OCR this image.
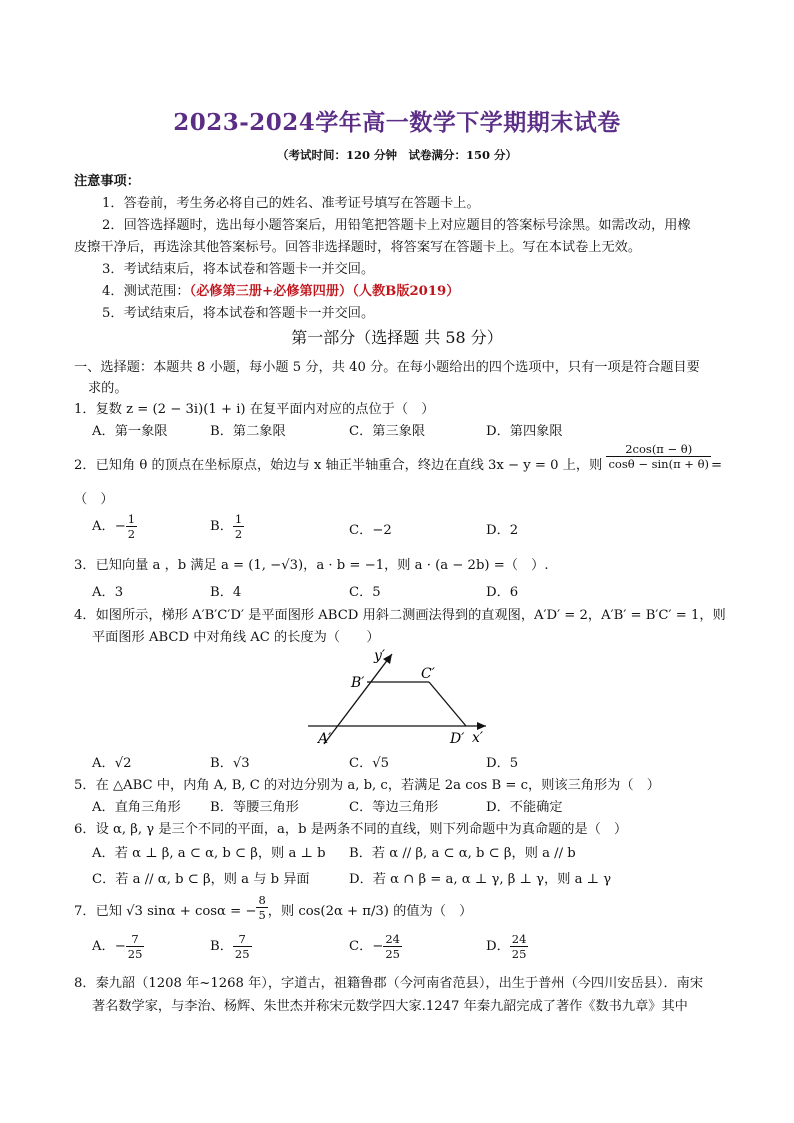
2023-2024学年高一数学下学期期末试卷
（考试时间：120 分钟　试卷满分：150 分）
注意事项：
1．答卷前，考生务必将自己的姓名、准考证号填写在答题卡上。
2．回答选择题时，选出每小题答案后，用铅笔把答题卡上对应题目的答案标号涂黑。如需改动，用橡
皮擦干净后，再选涂其他答案标号。回答非选择题时，将答案写在答题卡上。写在本试卷上无效。
3．考试结束后，将本试卷和答题卡一并交回。
4．测试范围：（必修第三册+必修第四册）（人教B版2019）
5．考试结束后，将本试卷和答题卡一并交回。
第一部分（选择题 共 58 分）
一、选择题：本题共 8 小题，每小题 5 分，共 40 分。在每小题给出的四个选项中，只有一项是符合题目要
求的。
1．复数 z = (2 − 3i)(1 + i) 在复平面内对应的点位于（　）
A．第一象限	B．第二象限	C．第三象限	D．第四象限
2．已知角 θ 的顶点在坐标原点，始边与 x 轴正半轴重合，终边在直线 3x − y = 0 上，则 $\frac{2\cos(\pi - \theta)}{\cos\theta - \sin(\pi + \theta)}$ =
（　）
A．− $\frac{1}{2}$	B． $\frac{1}{2}$	C．−2	D．2
3．已知向量 a ，b 满足 a = (1, −√3)，a · b = −1，则 a · (a − 2b) =（　）.
A．3	B．4	C．5	D．6
4．如图所示，梯形 A′B′C′D′ 是平面图形 ABCD 用斜二测画法得到的直观图，A′D′ = 2，A′B′ = B′C′ = 1，则
平面图形 ABCD 中对角线 AC 的长度为（　　）
y′
x′
A′
B′
C′
D′
A．√2	B．√3	C．√5	D．5
5．在 △ABC 中，内角 A, B, C 的对边分别为 a, b, c，若满足 2a cos B = c，则该三角形为（　）
A．直角三角形 B．等腰三角形	C．等边三角形	D．不能确定
6．设 α, β, γ 是三个不同的平面，a，b 是两条不同的直线，则下列命题中为真命题的是（　）
A．若 α ⊥ β, a ⊂ α, b ⊂ β，则 a ⊥ b B．若 α // β, a ⊂ α, b ⊂ β，则 a // b
C．若 a // α, b ⊂ β，则 a 与 b 异面	D．若 α ∩ β = a, α ⊥ γ, β ⊥ γ，则 a ⊥ γ
7．已知 √3 sinα + cosα = − $\frac{8}{5}$ ，则 cos(2α + π/3) 的值为（　）
A．− $\frac{7}{25}$	B． $\frac{7}{25}$	C．− $\frac{24}{25}$	D． $\frac{24}{25}$
8．秦九韶（1208 年~1268 年），字道古，祖籍鲁郡（今河南省范县），出生于普州（今四川安岳县）．南宋
著名数学家，与李治、杨辉、朱世杰并称宋元数学四大家.1247 年秦九韶完成了著作《数书九章》其中
